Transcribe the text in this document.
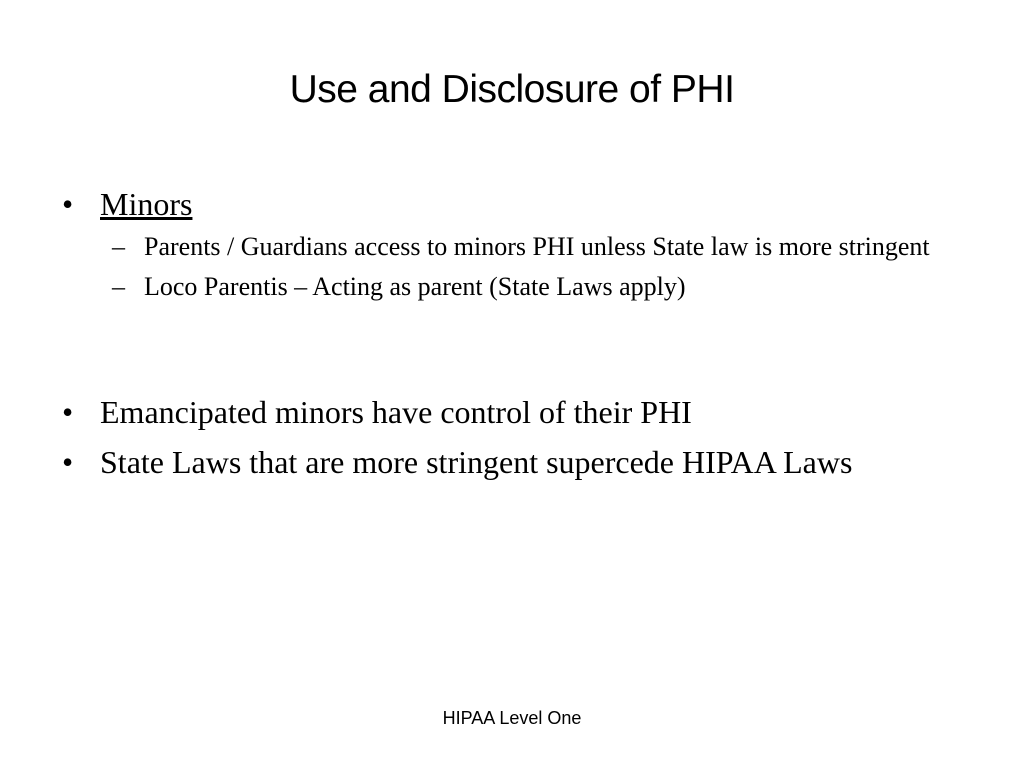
Use and Disclosure of PHI
• Minors
– Parents / Guardians access to minors PHI unless State law is more stringent
– Loco Parentis – Acting as parent (State Laws apply)
• Emancipated minors have control of their PHI
• State Laws that are more stringent supercede HIPAA Laws
HIPAA Level One
